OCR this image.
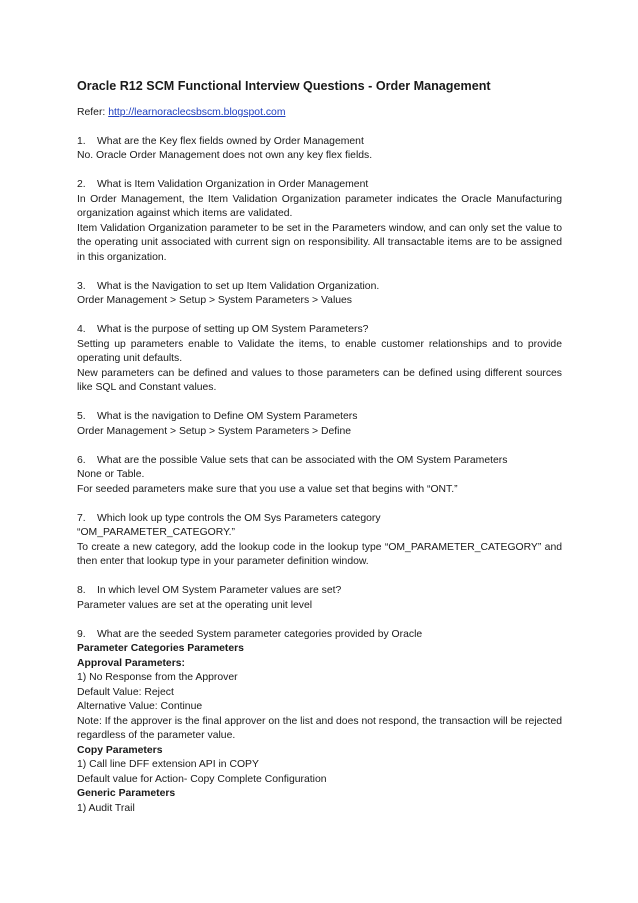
Oracle R12 SCM Functional Interview Questions - Order Management
Refer: http://learnoraclecsbscm.blogspot.com
1. What are the Key flex fields owned by Order Management
No. Oracle Order Management does not own any key flex fields.
2. What is Item Validation Organization in Order Management
In Order Management, the Item Validation Organization parameter indicates the Oracle Manufacturing organization against which items are validated.
Item Validation Organization parameter to be set in the Parameters window, and can only set the value to the operating unit associated with current sign on responsibility. All transactable items are to be assigned in this organization.
3. What is the Navigation to set up Item Validation Organization.
Order Management > Setup > System Parameters > Values
4. What is the purpose of setting up OM System Parameters?
Setting up parameters enable to Validate the items, to enable customer relationships and to provide operating unit defaults.
New parameters can be defined and values to those parameters can be defined using different sources like SQL and Constant values.
5. What is the navigation to Define OM System Parameters
Order Management > Setup > System Parameters > Define
6. What are the possible Value sets that can be associated with the OM System Parameters
None or Table.
For seeded parameters make sure that you use a value set that begins with “ONT.”
7. Which look up type controls the OM Sys Parameters category
“OM_PARAMETER_CATEGORY.”
To create a new category, add the lookup code in the lookup type “OM_PARAMETER_CATEGORY” and then enter that lookup type in your parameter definition window.
8. In which level OM System Parameter values are set?
Parameter values are set at the operating unit level
9. What are the seeded System parameter categories provided by Oracle
Parameter Categories Parameters
Approval Parameters:
1) No Response from the Approver
Default Value: Reject
Alternative Value: Continue
Note: If the approver is the final approver on the list and does not respond, the transaction will be rejected regardless of the parameter value.
Copy Parameters
1) Call line DFF extension API in COPY
Default value for Action- Copy Complete Configuration
Generic Parameters
1) Audit Trail
